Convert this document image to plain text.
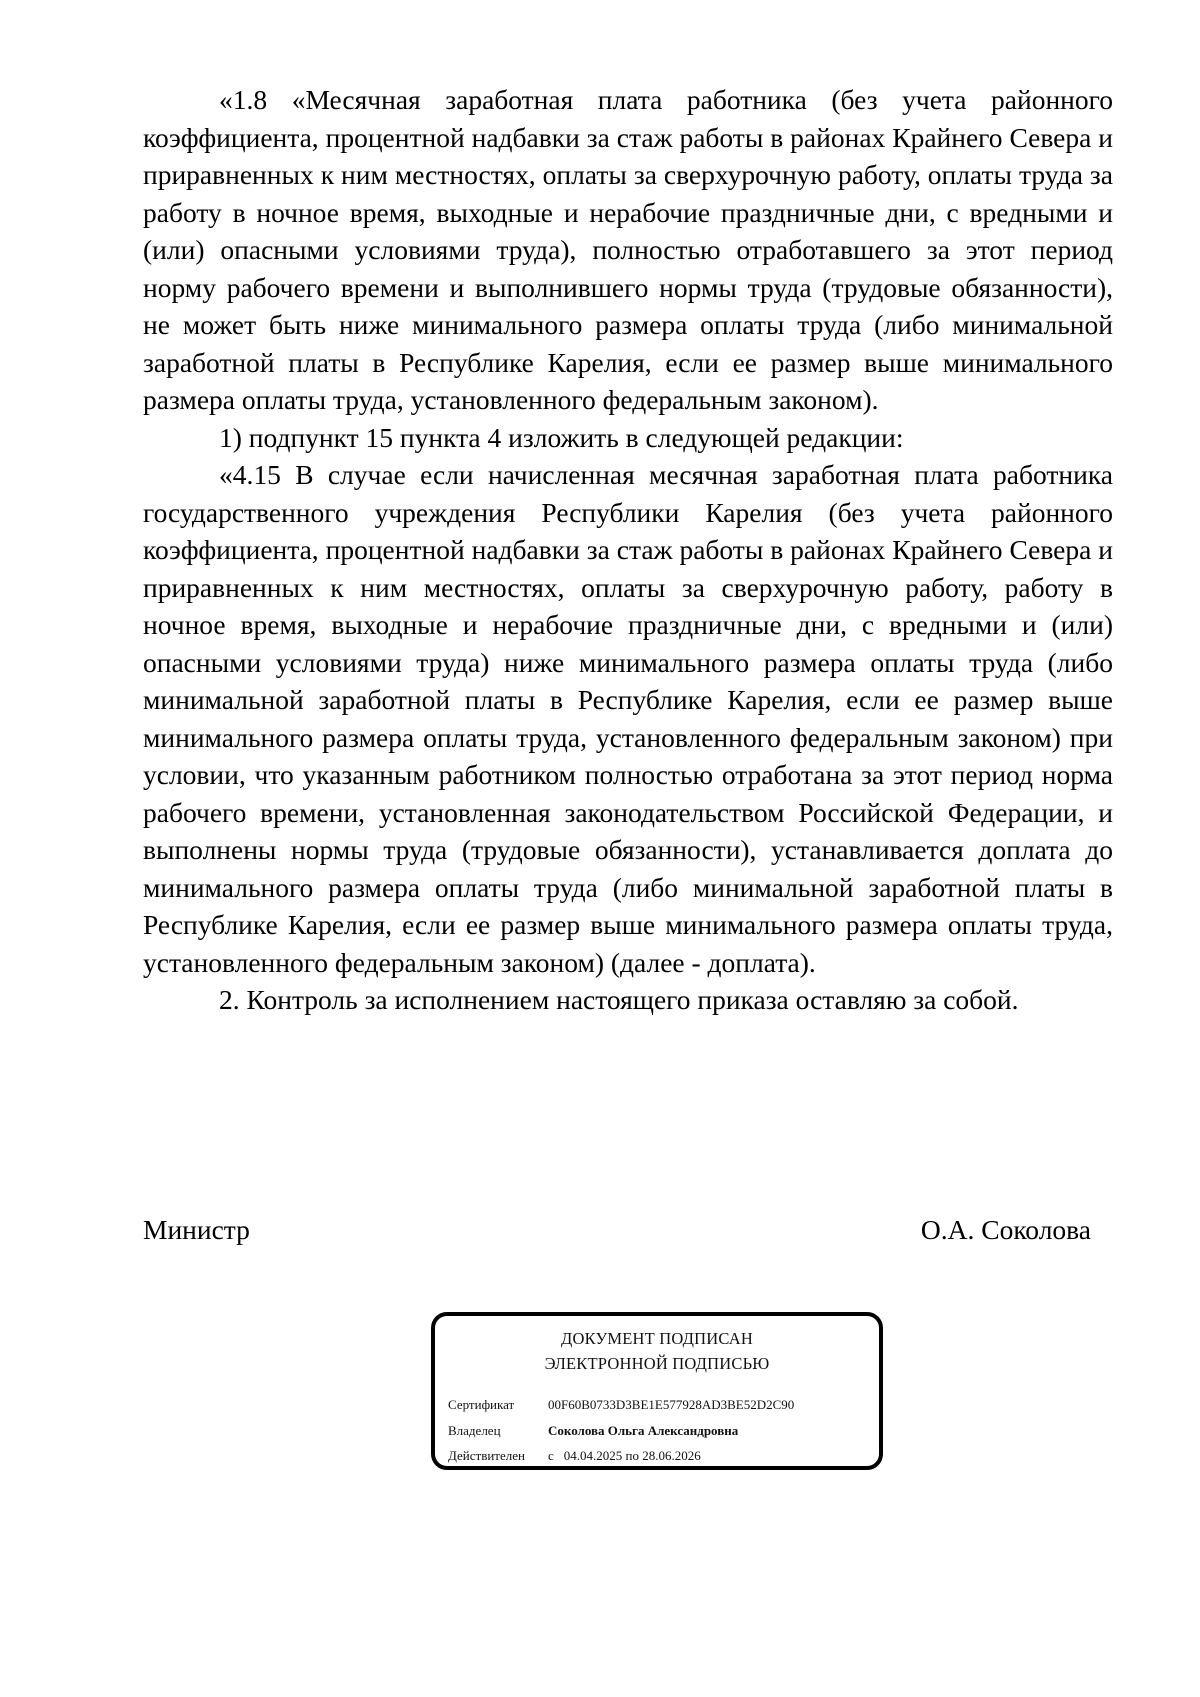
«1.8 «Месячная заработная плата работника (без учета районного коэффициента, процентной надбавки за стаж работы в районах Крайнего Севера и приравненных к ним местностях, оплаты за сверхурочную работу, оплаты труда за работу в ночное время, выходные и нерабочие праздничные дни, с вредными и (или) опасными условиями труда), полностью отработавшего за этот период норму рабочего времени и выполнившего нормы труда (трудовые обязанности), не может быть ниже минимального размера оплаты труда (либо минимальной заработной платы в Республике Карелия, если ее размер выше минимального размера оплаты труда, установленного федеральным законом).

1) подпункт 15 пункта 4 изложить в следующей редакции:

«4.15 В случае если начисленная месячная заработная плата работника государственного учреждения Республики Карелия (без учета районного коэффициента, процентной надбавки за стаж работы в районах Крайнего Севера и приравненных к ним местностях, оплаты за сверхурочную работу, работу в ночное время, выходные и нерабочие праздничные дни, с вредными и (или) опасными условиями труда) ниже минимального размера оплаты труда (либо минимальной заработной платы в Республике Карелия, если ее размер выше минимального размера оплаты труда, установленного федеральным законом) при условии, что указанным работником полностью отработана за этот период норма рабочего времени, установленная законодательством Российской Федерации, и выполнены нормы труда (трудовые обязанности), устанавливается доплата до минимального размера оплаты труда (либо минимальной заработной платы в Республике Карелия, если ее размер выше минимального размера оплаты труда, установленного федеральным законом) (далее - доплата).

2. Контроль за исполнением настоящего приказа оставляю за собой.

Министр	О.А. Соколова
ДОКУМЕНТ ПОДПИСАН
ЭЛЕКТРОННОЙ ПОДПИСЬЮ
Сертификат	00F60B0733D3BE1E577928AD3BE52D2C90
Владелец	Соколова Ольга Александровна
Действителен с 04.04.2025 по 28.06.2026
